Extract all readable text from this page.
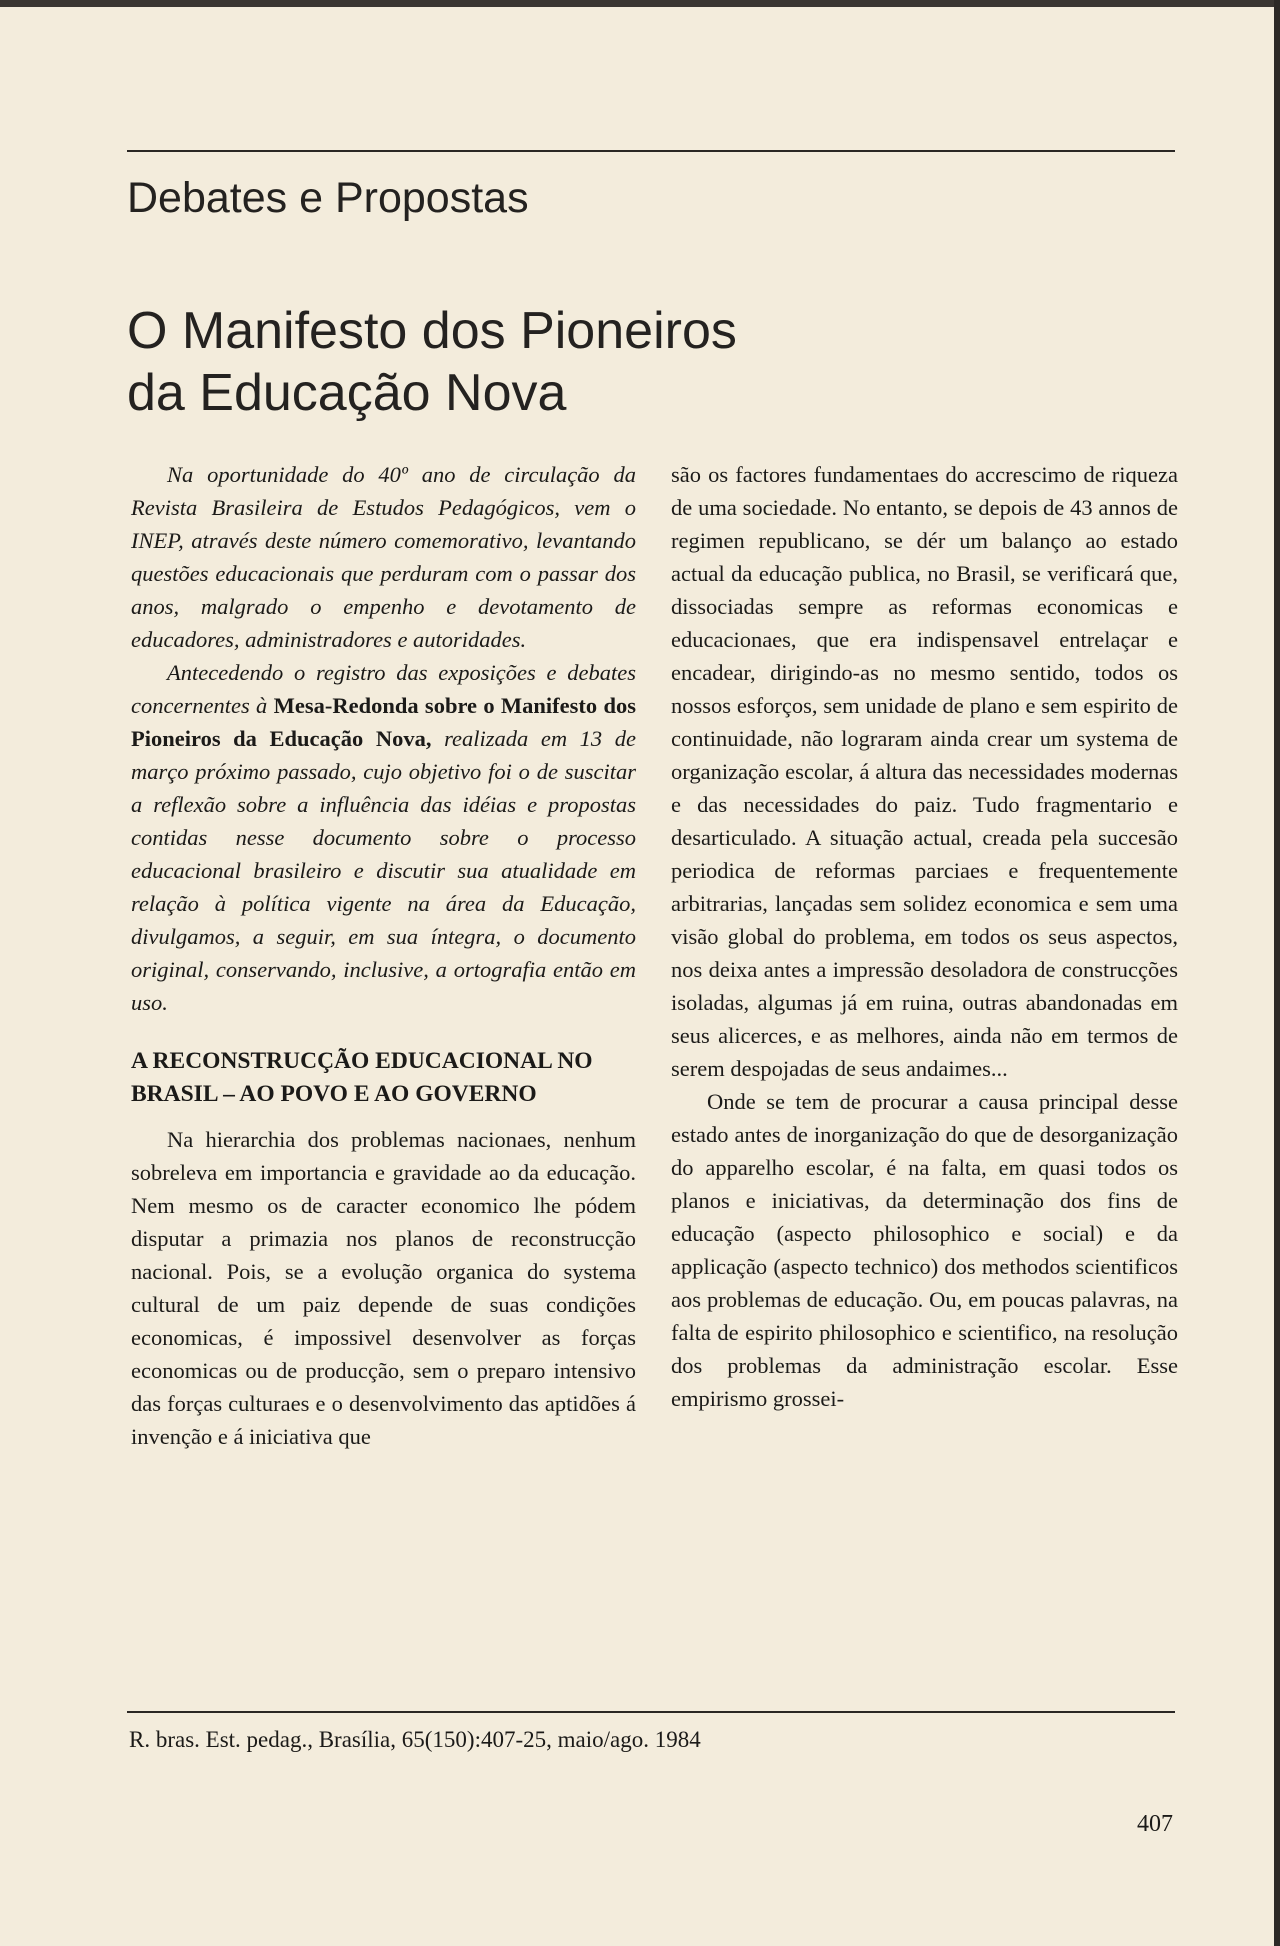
Debates e Propostas
O Manifesto dos Pioneiros
da Educação Nova

Na oportunidade do 40º ano de circulação da Revista Brasileira de Estudos Pedagógicos, vem o INEP, através deste número comemorativo, levantando questões educacionais que perduram com o passar dos anos, malgrado o empenho e devotamento de educadores, administradores e autoridades.

Antecedendo o registro das exposições e debates concernentes à Mesa-Redonda sobre o Manifesto dos Pioneiros da Educação Nova, realizada em 13 de março próximo passado, cujo objetivo foi o de suscitar a reflexão sobre a influência das idéias e propostas contidas nesse documento sobre o processo educacional brasileiro e discutir sua atualidade em relação à política vigente na área da Educação, divulgamos, a seguir, em sua íntegra, o documento original, conservando, inclusive, a ortografia então em uso.

A RECONSTRUCÇÃO EDUCACIONAL NO BRASIL – AO POVO E AO GOVERNO

Na hierarchia dos problemas nacionaes, nenhum sobreleva em importancia e gravidade ao da educação. Nem mesmo os de caracter economico lhe pódem disputar a primazia nos planos de reconstrucção nacional. Pois, se a evolução organica do systema cultural de um paiz depende de suas condições economicas, é impossivel desenvolver as forças economicas ou de producção, sem o preparo intensivo das forças culturaes e o desenvolvimento das aptidões á invenção e á iniciativa que

são os factores fundamentaes do accrescimo de riqueza de uma sociedade. No entanto, se depois de 43 annos de regimen republicano, se dér um balanço ao estado actual da educação publica, no Brasil, se verificará que, dissociadas sempre as reformas economicas e educacionaes, que era indispensavel entrelaçar e encadear, dirigindo-as no mesmo sentido, todos os nossos esforços, sem unidade de plano e sem espirito de continuidade, não lograram ainda crear um systema de organização escolar, á altura das necessidades modernas e das necessidades do paiz. Tudo fragmentario e desarticulado. A situação actual, creada pela succesão periodica de reformas parciaes e frequentemente arbitrarias, lançadas sem solidez economica e sem uma visão global do problema, em todos os seus aspectos, nos deixa antes a impressão desoladora de construcções isoladas, algumas já em ruina, outras abandonadas em seus alicerces, e as melhores, ainda não em termos de serem despojadas de seus andaimes...

Onde se tem de procurar a causa principal desse estado antes de inorganização do que de desorganização do apparelho escolar, é na falta, em quasi todos os planos e iniciativas, da determinação dos fins de educação (aspecto philosophico e social) e da applicação (aspecto technico) dos methodos scientificos aos problemas de educação. Ou, em poucas palavras, na falta de espirito philosophico e scientifico, na resolução dos problemas da administração escolar. Esse empirismo grossei-

R. bras. Est. pedag., Brasília, 65(150):407-25, maio/ago. 1984
407
